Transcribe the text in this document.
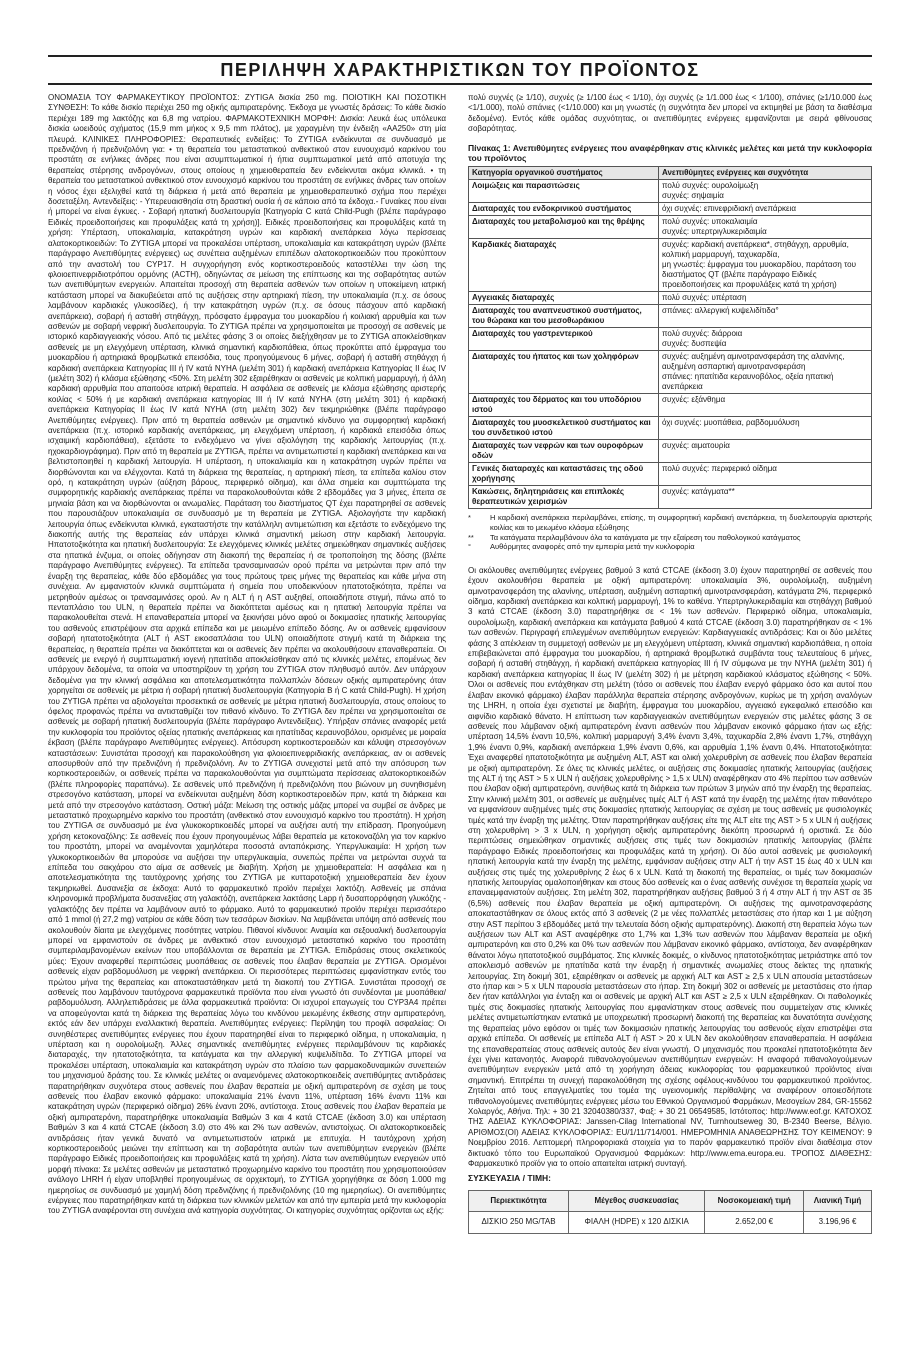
ΠΕΡΙΛΗΨΗ ΧΑΡΑΚΤΗΡΙΣΤΙΚΩΝ ΤΟΥ ΠΡΟΪΟΝΤΟΣ

ΟΝΟΜΑΣΙΑ ΤΟΥ ΦΑΡΜΑΚΕΥΤΙΚΟΥ ΠΡΟΪΟΝΤΟΣ: ZYTIGA δισκία 250 mg. ΠΟΙΟΤΙΚΗ ΚΑΙ ΠΟΣΟΤΙΚΗ ΣΥΝΘΕΣΗ: Το κάθε δισκίο περιέχει 250 mg οξικής αμπιρατερόνης. Έκδοχα με γνωστές δράσεις: Το κάθε δισκίο περιέχει 189 mg λακτόζης και 6,8 mg νατρίου. ΦΑΡΜΑΚΟΤΕΧΝΙΚΗ ΜΟΡΦΗ: Δισκία: Λευκά έως υπόλευκα δισκία ωοειδούς σχήματος (15,9 mm μήκος x 9,5 mm πλάτος), με χαραγμένη την ένδειξη «AA250» στη μία πλευρά. ΚΛΙΝΙΚΕΣ ΠΛΗΡΟΦΟΡΙΕΣ: Θεραπευτικές ενδείξεις: Το ZYTIGA ενδείκνυται σε συνδυασμό με πρεδνιζόνη ή πρεδνιζολόνη για: • τη θεραπεία του μεταστατικού ανθεκτικού στον ευνουχισμό καρκίνου του προστάτη σε ενήλικες άνδρες που είναι ασυμπτωματικοί ή ήπια συμπτωματικοί μετά από αποτυχία της θεραπείας στέρησης ανδρογόνων, στους οποίους η χημειοθεραπεία δεν ενδείκνυται ακόμα κλινικά. • τη θεραπεία του μεταστατικού ανθεκτικού στον ευνουχισμό καρκίνου του προστάτη σε ενήλικες άνδρες των οποίων η νόσος έχει εξελιχθεί κατά τη διάρκεια ή μετά από θεραπεία με χημειοθεραπευτικό σχήμα που περιέχει δοσεταξέλη. Αντενδείξεις: - Υπερευαισθησία στη δραστική ουσία ή σε κάποιο από τα έκδοχα.- Γυναίκες που είναι ή μπορεί να είναι έγκυες. - Σοβαρή ηπατική δυσλειτουργία [Κατηγορία C κατά Child-Pugh (βλέπε παράγραφο Ειδικές προειδοποιήσεις και προφυλάξεις κατά τη χρήση)]. Ειδικές προειδοποιήσεις και προφυλάξεις κατά τη χρήση: Υπέρταση, υποκαλιαιμία, κατακράτηση υγρών και καρδιακή ανεπάρκεια λόγω περίσσειας αλατοκορτικοειδών: Το ZYTIGA μπορεί να προκαλέσει υπέρταση, υποκαλιαιμία και κατακράτηση υγρών (βλέπε παράγραφο Ανεπιθύμητες ενέργειες) ως συνέπεια αυξημένων επιπέδων αλατοκορτικοειδών που προκύπτουν από την αναστολή του CYP17. Η συγχορήγηση ενός κορτικοστεροειδούς καταστέλλει την ώση της φλοιοεπινεφριδιοτρόπου ορμόνης (ACTH), οδηγώντας σε μείωση της επίπτωσης και της σοβαρότητας αυτών των ανεπιθύμητων ενεργειών. Απαιτείται προσοχή στη θεραπεία ασθενών των οποίων η υποκείμενη ιατρική κατάσταση μπορεί να διακυβεύεται από τις αυξήσεις στην αρτηριακή πίεση, την υποκαλιαιμία (π.χ. σε όσους λαμβάνουν καρδιακές γλυκοσίδες), ή την κατακράτηση υγρών (π.χ. σε όσους πάσχουν από καρδιακή ανεπάρκεια), σοβαρή ή ασταθή στηθάγχη, πρόσφατο έμφραγμα του μυοκαρδίου ή κοιλιακή αρρυθμία και των ασθενών με σοβαρή νεφρική δυσλειτουργία. Το ZYTIGA πρέπει να χρησιμοποιείται με προσοχή σε ασθενείς με ιστορικό καρδιαγγειακής νόσου. Από τις μελέτες φάσης 3 οι οποίες διεξήχθησαν με το ZYTIGA αποκλείσθηκαν ασθενείς με μη ελεγχόμενη υπέρταση, κλινικά σημαντική καρδιοπάθεια, όπως προκύπτει από έμφραγμα του μυοκαρδίου ή αρτηριακά θρομβωτικά επεισόδια, τους προηγούμενους 6 μήνες, σοβαρή ή ασταθή στηθάγχη ή καρδιακή ανεπάρκεια Κατηγορίας III ή IV κατά NYHA (μελέτη 301) ή καρδιακή ανεπάρκεια Κατηγορίας II έως IV (μελέτη 302) ή κλάσμα εξώθησης <50%. Στη μελέτη 302 εξαιρέθηκαν οι ασθενείς με κολπική μαρμαρυγή, ή άλλη καρδιακή αρρυθμία που απαιτούσε ιατρική θεραπεία. Η ασφάλεια σε ασθενείς με κλάσμα εξώθησης αριστερής κοιλίας < 50% ή με καρδιακή ανεπάρκεια κατηγορίας III ή IV κατά NYHA (στη μελέτη 301) ή καρδιακή ανεπάρκεια Κατηγορίας II έως IV κατά NYHA (στη μελέτη 302) δεν τεκμηριώθηκε (βλέπε παράγραφο Ανεπιθύμητες ενέργειες). Πριν από τη θεραπεία ασθενών με σημαντικό κίνδυνο για συμφορητική καρδιακή ανεπάρκεια (π.χ. ιστορικό καρδιακής ανεπάρκειας, μη ελεγχόμενη υπέρταση, ή καρδιακά επεισόδια όπως ισχαιμική καρδιοπάθεια), εξετάστε το ενδεχόμενο να γίνει αξιολόγηση της καρδιακής λειτουργίας (π.χ. ηχοκαρδιογράφημα). Πριν από τη θεραπεία με ZYTIGA, πρέπει να αντιμετωπιστεί η καρδιακή ανεπάρκεια και να βελτιστοποιηθεί η καρδιακή λειτουργία. Η υπέρταση, η υποκαλιαιμία και η κατακράτηση υγρών πρέπει να διορθώνονται και να ελέγχονται. Κατά τη διάρκεια της θεραπείας, η αρτηριακή πίεση, τα επίπεδα καλίου στον ορό, η κατακράτηση υγρών (αύξηση βάρους, περιφερικό οίδημα), και άλλα σημεία και συμπτώματα της συμφορητικής καρδιακής ανεπάρκειας πρέπει να παρακολουθούνται κάθε 2 εβδομάδες για 3 μήνες, έπειτα σε μηνιαία βάση και να διορθώνονται οι ανωμαλίες. Παράταση του διαστήματος QT έχει παρατηρηθεί σε ασθενείς που παρουσιάζουν υποκαλιαιμία σε συνδυασμό με τη θεραπεία με ZYTIGA. Αξιολογήστε την καρδιακή λειτουργία όπως ενδείκνυται κλινικά, εγκαταστήστε την κατάλληλη αντιμετώπιση και εξετάστε το ενδεχόμενο της διακοπής αυτής της θεραπείας εάν υπάρχει κλινικά σημαντική μείωση στην καρδιακή λειτουργία. Ηπατοτοξικότητα και ηπατική δυσλειτουργία: Σε ελεγχόμενες κλινικές μελέτες σημειώθηκαν σημαντικές αυξήσεις στα ηπατικά ένζυμα, οι οποίες οδήγησαν στη διακοπή της θεραπείας ή σε τροποποίηση της δόσης (βλέπε παράγραφο Ανεπιθύμητες ενέργειες). Τα επίπεδα τρανσαμινασών ορού πρέπει να μετρώνται πριν από την έναρξη της θεραπείας, κάθε δύο εβδομάδες για τους πρώτους τρεις μήνες της θεραπείας και κάθε μήνα στη συνέχεια. Αν εμφανιστούν κλινικά συμπτώματα ή σημεία που υποδεικνύουν ηπατοτοξικότητα, πρέπει να μετρηθούν αμέσως οι τρανσαμινάσες ορού. Αν η ALT ή η AST αυξηθεί, οποιαδήποτε στιγμή, πάνω από το πενταπλάσιο του ULN, η θεραπεία πρέπει να διακόπτεται αμέσως και η ηπατική λειτουργία πρέπει να παρακολουθείται στενά. Η επαναθεραπεία μπορεί να ξεκινήσει μόνο αφού οι δοκιμασίες ηπατικής λειτουργίας του ασθενούς επιστρέψουν στα αρχικά επίπεδα και με μειωμένο επίπεδο δόσης. Αν οι ασθενείς εμφανίσουν σοβαρή ηπατοτοξικότητα (ALT ή AST εικοσαπλάσια του ULN) οποιαδήποτε στιγμή κατά τη διάρκεια της θεραπείας, η θεραπεία πρέπει να διακόπτεται και οι ασθενείς δεν πρέπει να ακολουθήσουν επαναθεραπεία. Οι ασθενείς με ενεργό ή συμπτωματική ιογενή ηπατίτιδα αποκλείσθηκαν από τις κλινικές μελέτες, επομένως δεν υπάρχουν δεδομένα, τα οποία να υποστηρίζουν τη χρήση του ZYTIGA στον πληθυσμό αυτόν. Δεν υπάρχουν δεδομένα για την κλινική ασφάλεια και αποτελεσματικότητα πολλαπλών δόσεων οξικής αμπιρατερόνης όταν χορηγείται σε ασθενείς με μέτρια ή σοβαρή ηπατική δυσλειτουργία (Κατηγορία B ή C κατά Child-Pugh). Η χρήση του ZYTIGA πρέπει να αξιολογείται προσεκτικά σε ασθενείς με μέτρια ηπατική δυσλειτουργία, στους οποίους το όφελος προφανώς πρέπει να αντισταθμίζει τον πιθανό κίνδυνο. Το ZYTIGA δεν πρέπει να χρησιμοποιείται σε ασθενείς με σοβαρή ηπατική δυσλειτουργία (βλέπε παράγραφο Αντενδείξεις). Υπήρξαν σπάνιες αναφορές μετά την κυκλοφορία του προϊόντος οξείας ηπατικής ανεπάρκειας και ηπατίτιδας κεραυνοβόλου, ορισμένες με μοιραία έκβαση (βλέπε παράγραφο Ανεπιθύμητες ενέργειες). Απόσυρση κορτικοστεροειδών και κάλυψη στρεσογόνων καταστάσεων: Συνιστάται προσοχή και παρακολούθηση για φλοιοεπινεφριδιακής ανεπάρκειας, αν οι ασθενείς αποσυρθούν από την πρεδνιζόνη ή πρεδνιζολόνη. Αν το ZYTIGA συνεχιστεί μετά από την απόσυρση των κορτικοστεροειδών, οι ασθενείς πρέπει να παρακολουθούνται για συμπτώματα περίσσειας αλατοκορτικοειδών (βλέπε πληροφορίες παραπάνω). Σε ασθενείς υπό πρεδνιζόνη ή πρεδνιζολόνη που βιώνουν μη συνηθισμένη στρεσογόνο κατάσταση, μπορεί να ενδείκνυται αυξημένη δόση κορτικοστεροειδών πριν, κατά τη διάρκεια και μετά από την στρεσογόνο κατάσταση. Οστική μάζα: Μείωση της οστικής μάζας μπορεί να συμβεί σε άνδρες με μεταστατικό προχωρημένο καρκίνο του προστάτη (ανθεκτικό στον ευνουχισμό καρκίνο του προστάτη). Η χρήση του ZYTIGA σε συνδυασμό με ένα γλυκοκορτικοειδές μπορεί να αυξήσει αυτή την επίδραση. Προηγούμενη χρήση κετοκοναζόλης: Σε ασθενείς που έχουν προηγουμένως λάβει θεραπεία με κετοκοναζόλη για τον καρκίνο του προστάτη, μπορεί να αναμένονται χαμηλότερα ποσοστά ανταπόκρισης. Υπεργλυκαιμία: Η χρήση των γλυκοκορτικοειδών θα μπορούσε να αυξήσει την υπεργλυκαιμία, συνεπώς πρέπει να μετρώνται συχνά τα επίπεδα του σακχάρου στο αίμα σε ασθενείς με διαβήτη. Χρήση με χημειοθεραπεία: Η ασφάλεια και η αποτελεσματικότητα της ταυτόχρονης χρήσης του ZYTIGA με κυτταροτοξική χημειοθεραπεία δεν έχουν τεκμηριωθεί. Δυσανεξία σε έκδοχα: Αυτό το φαρμακευτικό προϊόν περιέχει λακτόζη. Ασθενείς με σπάνια κληρονομικά προβλήματα δυσανεξίας στη γαλακτόζη, ανεπάρκεια λακτάσης Lapp ή δυσαπορρόφηση γλυκόζης - γαλακτόζης δεν πρέπει να λαμβάνουν αυτό το φάρμακο. Αυτό το φαρμακευτικό προϊόν περιέχει περισσότερο από 1 mmol (ή 27,2 mg) νατρίου σε κάθε δόση των τεσσάρων δισκίων. Να λαμβάνεται υπόψη από ασθενείς που ακολουθούν δίαιτα με ελεγχόμενες ποσότητες νατρίου. Πιθανοί κίνδυνοι: Αναιμία και σεξουαλική δυσλειτουργία μπορεί να εμφανιστούν σε άνδρες με ανθεκτικό στον ευνουχισμό μεταστατικό καρκίνο του προστάτη συμπεριλαμβανομένων εκείνων που υποβάλλονται σε θεραπεία με ZYTIGA. Επιδράσεις στους σκελετικούς μύες: Έχουν αναφερθεί περιπτώσεις μυοπάθειας σε ασθενείς που έλαβαν θεραπεία με ZYTIGA. Ορισμένοι ασθενείς είχαν ραβδομυόλυση με νεφρική ανεπάρκεια. Οι περισσότερες περιπτώσεις εμφανίστηκαν εντός του πρώτου μήνα της θεραπείας και αποκαταστάθηκαν μετά τη διακοπή του ZYTIGA. Συνιστάται προσοχή σε ασθενείς που λαμβάνουν ταυτόχρονα φαρμακευτικά προϊόντα που είναι γνωστό ότι συνδέονται με μυοπάθεια/ραβδομυόλυση. Αλληλεπιδράσεις με άλλα φαρμακευτικά προϊόντα: Οι ισχυροί επαγωγείς του CYP3A4 πρέπει να αποφεύγονται κατά τη διάρκεια της θεραπείας λόγω του κινδύνου μειωμένης έκθεσης στην αμπιρατερόνη, εκτός εάν δεν υπάρχει εναλλακτική θεραπεία. Ανεπιθύμητες ενέργειες: Περίληψη του προφίλ ασφαλείας: Οι συνηθέστερες ανεπιθύμητες ενέργειες που έχουν παρατηρηθεί είναι το περιφερικό οίδημα, η υποκαλιαιμία, η υπέρταση και η ουρολοίμωξη. Άλλες σημαντικές ανεπιθύμητες ενέργειες περιλαμβάνουν τις καρδιακές διαταραχές, την ηπατοτοξικότητα, τα κατάγματα και την αλλεργική κυψελιδίτιδα. Το ZYTIGA μπορεί να προκαλέσει υπέρταση, υποκαλιαιμία και κατακράτηση υγρών στο πλαίσιο των φαρμακοδυναμικών συνεπειών του μηχανισμού δράσης του. Σε κλινικές μελέτες οι αναμενόμενες αλατοκορτικοειδείς ανεπιθύμητες αντιδράσεις παρατηρήθηκαν συχνότερα στους ασθενείς που έλαβαν θεραπεία με οξική αμπιρατερόνη σε σχέση με τους ασθενείς που έλαβαν εικονικό φάρμακο: υποκαλιαιμία 21% έναντι 11%, υπέρταση 16% έναντι 11% και κατακράτηση υγρών (περιφερικό οίδημα) 26% έναντι 20%, αντίστοιχα. Στους ασθενείς που έλαβαν θεραπεία με οξική αμπιρατερόνη, παρατηρήθηκε υποκαλιαιμία Βαθμών 3 και 4 κατά CTCAE (έκδοση 3.0) και υπέρταση Βαθμών 3 και 4 κατά CTCAE (έκδοση 3.0) στο 4% και 2% των ασθενών, αντιστοίχως. Οι αλατοκορτικοειδείς αντιδράσεις ήταν γενικά δυνατό να αντιμετωπιστούν ιατρικά με επιτυχία. Η ταυτόχρονη χρήση κορτικοστεροειδούς μειώνει την επίπτωση και τη σοβαρότητα αυτών των ανεπιθύμητων ενεργειών (βλέπε παράγραφο Ειδικές προειδοποιήσεις και προφυλάξεις κατά τη χρήση). Λίστα των ανεπιθύμητων ενεργειών υπό μορφή πίνακα: Σε μελέτες ασθενών με μεταστατικό προχωρημένο καρκίνο του προστάτη που χρησιμοποιούσαν ανάλογο LHRH ή είχαν υποβληθεί προηγουμένως σε ορχεκτομή, το ZYTIGA χορηγήθηκε σε δόση 1.000 mg ημερησίως σε συνδυασμό με χαμηλή δόση πρεδνιζόνης ή πρεδνιζολόνης (10 mg ημερησίως). Οι ανεπιθύμητες ενέργειες που παρατηρήθηκαν κατά τη διάρκεια των κλινικών μελετών και από την εμπειρία μετά την κυκλοφορία του ZYTIGA αναφέρονται στη συνέχεια ανά κατηγορία συχνότητας. Οι κατηγορίες συχνότητας ορίζονται ως εξής:

πολύ συχνές (≥ 1/10), συχνές (≥ 1/100 έως < 1/10), όχι συχνές (≥ 1/1.000 έως < 1/100), σπάνιες (≥1/10.000 έως <1/1.000), πολύ σπάνιες (<1/10.000) και μη γνωστές (η συχνότητα δεν μπορεί να εκτιμηθεί με βάση τα διαθέσιμα δεδομένα). Εντός κάθε ομάδας συχνότητας, οι ανεπιθύμητες ενέργειες εμφανίζονται με σειρά φθίνουσας σοβαρότητας.

Πίνακας 1: Ανεπιθύμητες ενέργειες που αναφέρθηκαν στις κλινικές μελέτες και μετά την κυκλοφορία του προϊόντος
Κατηγορία οργανικού συστήματος	Ανεπιθύμητες ενέργειες και συχνότητα
Λοιμώξεις και παρασιτώσεις	πολύ συχνές: ουρολοίμωξη
συχνές: σηψαιμία
Διαταραχές του ενδοκρινικού συστήματος	όχι συχνές: επινεφριδιακή ανεπάρκεια
Διαταραχές του μεταβολισμού και της θρέψης	πολύ συχνές: υποκαλιαιμία
συχνές: υπερτριγλυκεριδαιμία
Καρδιακές διαταραχές	συχνές: καρδιακή ανεπάρκεια*, στηθάγχη, αρρυθμία, κολπική μαρμαρυγή, ταχυκαρδία,
μη γνωστές: έμφραγμα του μυοκαρδίου, παράταση του διαστήματος QT (βλέπε παράγραφο Ειδικές προειδοποιήσεις και προφυλάξεις κατά τη χρήση)
Αγγειακές διαταραχές	πολύ συχνές: υπέρταση
Διαταραχές του αναπνευστικού συστήματος, του θώρακα και του μεσοθωράκιου	σπάνιες: αλλεργική κυψελιδίτιδα°
Διαταραχές του γαστρεντερικού	πολύ συχνές: διάρροια
συχνές: δυσπεψία
Διαταραχές του ήπατος και των χοληφόρων	συχνές: αυξημένη αμινοτρανσφεράση της αλανίνης, αυξημένη ασπαρτική αμινοτρανσφεράση
σπάνιες: ηπατίτιδα κεραυνοβόλος, οξεία ηπατική ανεπάρκεια
Διαταραχές του δέρματος και του υποδόριου ιστού	συχνές: εξάνθημα
Διαταραχές του μυοσκελετικού συστήματος και του συνδετικού ιστού	όχι συχνές: μυοπάθεια, ραβδομυόλυση
Διαταραχές των νεφρών και των ουροφόρων οδών	συχνές: αιματουρία
Γενικές διαταραχές και καταστάσεις της οδού χορήγησης	πολύ συχνές: περιφερικό οίδημα
Κακώσεις, δηλητηριάσεις και επιπλοκές θεραπευτικών χειρισμών	συχνές: κατάγματα**
*	Η καρδιακή ανεπάρκεια περιλαμβάνει, επίσης, τη συμφορητική καρδιακή ανεπάρκεια, τη δυσλειτουργία αριστερής κοιλίας και το μειωμένο κλάσμα εξώθησης
**	Τα κατάγματα περιλαμβάνουν όλα τα κατάγματα με την εξαίρεση του παθολογικού κατάγματος
°	Αυθόρμητες αναφορές από την εμπειρία μετά την κυκλοφορία

Οι ακόλουθες ανεπιθύμητες ενέργειες βαθμού 3 κατά CTCAE (έκδοση 3.0) έχουν παρατηρηθεί σε ασθενείς που έχουν ακολουθήσει θεραπεία με οξική αμπιρατερόνη: υποκαλιαιμία 3%, ουρολοίμωξη, αυξημένη αμινοτρανσφεράση της αλανίνης, υπέρταση, αυξημένη ασπαρτική αμινοτρανσφεράση, κατάγματα 2%, περιφερικό οίδημα, καρδιακή ανεπάρκεια και κολπική μαρμαρυγή, 1% το καθένα. Υπερτριγλυκεριδαιμία και στηθάγχη βαθμού 3 κατά CTCAE (έκδοση 3.0) παρατηρήθηκε σε < 1% των ασθενών. Περιφερικό οίδημα, υποκαλιαιμία, ουρολοίμωξη, καρδιακή ανεπάρκεια και κατάγματα βαθμού 4 κατά CTCAE (έκδοση 3.0) παρατηρήθηκαν σε < 1% των ασθενών. Περιγραφή επιλεγμένων ανεπιθύμητων ενεργειών: Καρδιαγγειακές αντιδράσεις: Και οι δύο μελέτες φάσης 3 απέκλειαν τη συμμετοχή ασθενών με μη ελεγχόμενη υπέρταση, κλινικά σημαντική καρδιοπάθεια, η οποία επιβεβαιώνεται από έμφραγμα του μυοκαρδίου, ή αρτηριακά θρομβωτικά συμβάντα τους τελευταίους 6 μήνες, σοβαρή ή ασταθή στηθάγχη, ή καρδιακή ανεπάρκεια κατηγορίας III ή IV σύμφωνα με την NYHA (μελέτη 301) ή καρδιακή ανεπάρκεια κατηγορίας II έως IV (μελέτη 302) ή με μέτρηση καρδιακού κλάσματος εξώθησης < 50%. Όλοι οι ασθενείς που εντάχθηκαν στη μελέτη (τόσο οι ασθενείς που έλαβαν ενεργό φάρμακο όσο και αυτοί που έλαβαν εικονικό φάρμακο) έλαβαν παράλληλα θεραπεία στέρησης ανδρογόνων, κυρίως με τη χρήση αναλόγων της LHRH, η οποία έχει σχετιστεί με διαβήτη, έμφραγμα του μυοκαρδίου, αγγειακό εγκεφαλικό επεισόδιο και αιφνίδιο καρδιακό θάνατο. Η επίπτωση των καρδιαγγειακών ανεπιθύμητων ενεργειών στις μελέτες φάσης 3 σε ασθενείς που λάμβαναν οξική αμπιρατερόνη έναντι ασθενών που λάμβαναν εικονικό φάρμακο ήταν ως εξής: υπέρταση 14,5% έναντι 10,5%, κολπική μαρμαρυγή 3,4% έναντι 3,4%, ταχυκαρδία 2,8% έναντι 1,7%, στηθάγχη 1,9% έναντι 0,9%, καρδιακή ανεπάρκεια 1,9% έναντι 0,6%, και αρρυθμία 1,1% έναντι 0,4%. Ηπατοτοξικότητα: Έχει αναφερθεί ηπατοτοξικότητα με αυξημένη ALT, AST και ολική χολερυθρίνη σε ασθενείς που έλαβαν θεραπεία με οξική αμπιρατερόνη. Σε όλες τις κλινικές μελέτες, οι αυξήσεις στις δοκιμασίες ηπατικής λειτουργίας (αυξήσεις της ALT ή της AST > 5 x ULN ή αυξήσεις χολερυθρίνης > 1,5 x ULN) αναφέρθηκαν στο 4% περίπου των ασθενών που έλαβαν οξική αμπιρατερόνη, συνήθως κατά τη διάρκεια των πρώτων 3 μηνών από την έναρξη της θεραπείας. Στην κλινική μελέτη 301, οι ασθενείς με αυξημένες τιμές ALT ή AST κατά την έναρξη της μελέτης ήταν πιθανότερο να εμφανίσουν αυξημένες τιμές στις δοκιμασίες ηπατικής λειτουργίας σε σχέση με τους ασθενείς με φυσιολογικές τιμές κατά την έναρξη της μελέτης. Όταν παρατηρήθηκαν αυξήσεις είτε της ALT είτε της AST > 5 x ULN ή αυξήσεις στη χολερυθρίνη > 3 x ULN, η χορήγηση οξικής αμπιρατερόνης διεκόπη προσωρινά ή οριστικά. Σε δύο περιπτώσεις σημειώθηκαν σημαντικές αυξήσεις στις τιμές των δοκιμασιών ηπατικής λειτουργίας (βλέπε παράγραφο Ειδικές προειδοποιήσεις και προφυλάξεις κατά τη χρήση). Οι δύο αυτοί ασθενείς με φυσιολογική ηπατική λειτουργία κατά την έναρξη της μελέτης, εμφάνισαν αυξήσεις στην ALT ή την AST 15 έως 40 x ULN και αυξήσεις στις τιμές της χολερυθρίνης 2 έως 6 x ULN. Κατά τη διακοπή της θεραπείας, οι τιμές των δοκιμασιών ηπατικής λειτουργίας ομαλοποιήθηκαν και στους δύο ασθενείς και ο ένας ασθενής συνέχισε τη θεραπεία χωρίς να επαναεμφανιστούν αυξήσεις. Στη μελέτη 302, παρατηρήθηκαν αυξήσεις βαθμού 3 ή 4 στην ALT ή την AST σε 35 (6,5%) ασθενείς που έλαβαν θεραπεία με οξική αμπιρατερόνη. Οι αυξήσεις της αμινοτρανσφεράσης αποκαταστάθηκαν σε όλους εκτός από 3 ασθενείς (2 με νέες πολλαπλές μεταστάσεις στο ήπαρ και 1 με αύξηση στην AST περίπου 3 εβδομάδες μετά την τελευταία δόση οξικής αμπιρατερόνης). Διακοπή στη θεραπεία λόγω των αυξήσεων των ALT και AST αναφέρθηκε στο 1,7% και 1,3% των ασθενών που λάμβαναν θεραπεία με οξική αμπιρατερόνη και στο 0,2% και 0% των ασθενών που λάμβαναν εικονικό φάρμακο, αντίστοιχα, δεν αναφέρθηκαν θάνατοι λόγω ηπατοτοξικού συμβάματος. Στις κλινικές δοκιμές, ο κίνδυνος ηπατοτοξικότητας μετριάστηκε από τον αποκλεισμό ασθενών με ηπατίτιδα κατά την έναρξη ή σημαντικές ανωμαλίες στους δείκτες της ηπατικής λειτουργίας. Στη δοκιμή 301, εξαιρέθηκαν οι ασθενείς με αρχική ALT και AST ≥ 2,5 x ULN απουσία μεταστάσεων στο ήπαρ και > 5 x ULN παρουσία μεταστάσεων στο ήπαρ. Στη δοκιμή 302 οι ασθενείς με μεταστάσεις στο ήπαρ δεν ήταν κατάλληλοι για ένταξη και οι ασθενείς με αρχική ALT και AST ≥ 2,5 x ULN εξαιρέθηκαν. Οι παθολογικές τιμές στις δοκιμασίες ηπατικής λειτουργίας που εμφανίστηκαν στους ασθενείς που συμμετείχαν στις κλινικές μελέτες αντιμετωπίστηκαν εντατικά με υποχρεωτική προσωρινή διακοπή της θεραπείας και δυνατότητα συνέχισης της θεραπείας μόνο εφόσον οι τιμές των δοκιμασιών ηπατικής λειτουργίας του ασθενούς είχαν επιστρέψει στα αρχικά επίπεδα. Οι ασθενείς με επίπεδα ALT ή AST > 20 x ULN δεν ακολούθησαν επαναθεραπεία. Η ασφάλεια της επαναθεραπείας στους ασθενείς αυτούς δεν είναι γνωστή. Ο μηχανισμός που προκαλεί ηπατοτοξικότητα δεν έχει γίνει κατανοητός. Αναφορά πιθανολογούμενων ανεπιθύμητων ενεργειών: Η αναφορά πιθανολογούμενων ανεπιθύμητων ενεργειών μετά από τη χορήγηση άδειας κυκλοφορίας του φαρμακευτικού προϊόντος είναι σημαντική. Επιτρέπει τη συνεχή παρακολούθηση της σχέσης οφέλους-κινδύνου του φαρμακευτικού προϊόντος. Ζητείται από τους επαγγελματίες του τομέα της υγειονομικής περίθαλψης να αναφέρουν οποιεσδήποτε πιθανολογούμενες ανεπιθύμητες ενέργειες μέσω του Εθνικού Οργανισμού Φαρμάκων, Μεσογείων 284, GR-15562 Χολαργός, Αθήνα. Τηλ: + 30 21 32040380/337, Φαξ: + 30 21 06549585, Ιστότοπος: http://www.eof.gr. ΚΑΤΟΧΟΣ ΤΗΣ ΑΔΕΙΑΣ ΚΥΚΛΟΦΟΡΙΑΣ: Janssen-Cilag International NV, Turnhoutseweg 30, B-2340 Beerse, Βέλγιο. ΑΡΙΘΜΟΣ(ΟΙ) ΑΔΕΙΑΣ ΚΥΚΛΟΦΟΡΙΑΣ: EU/1/11/714/001. ΗΜΕΡΟΜΗΝΙΑ ΑΝΑΘΕΩΡΗΣΗΣ ΤΟΥ ΚΕΙΜΕΝΟΥ: 9 Νοεμβρίου 2016. Λεπτομερή πληροφοριακά στοιχεία για το παρόν φαρμακευτικό προϊόν είναι διαθέσιμα στον δικτυακό τόπο του Ευρωπαϊκού Οργανισμού Φαρμάκων: http://www.ema.europa.eu. ΤΡΟΠΟΣ ΔΙΑΘΕΣΗΣ: Φαρμακευτικό προϊόν για το οποίο απαιτείται ιατρική συνταγή.

ΣΥΣΚΕΥΑΣΙΑ / ΤΙΜΗ:
Περιεκτικότητα	Μέγεθος συσκευασίας	Νοσοκομειακή τιμή	Λιανική Τιμή
ΔΙΣΚΙΟ 250 MG/TAB	ΦΙΑΛΗ (HDPE) x 120 ΔΙΣΚΙΑ	2.652,00 €	3.196,96 €
